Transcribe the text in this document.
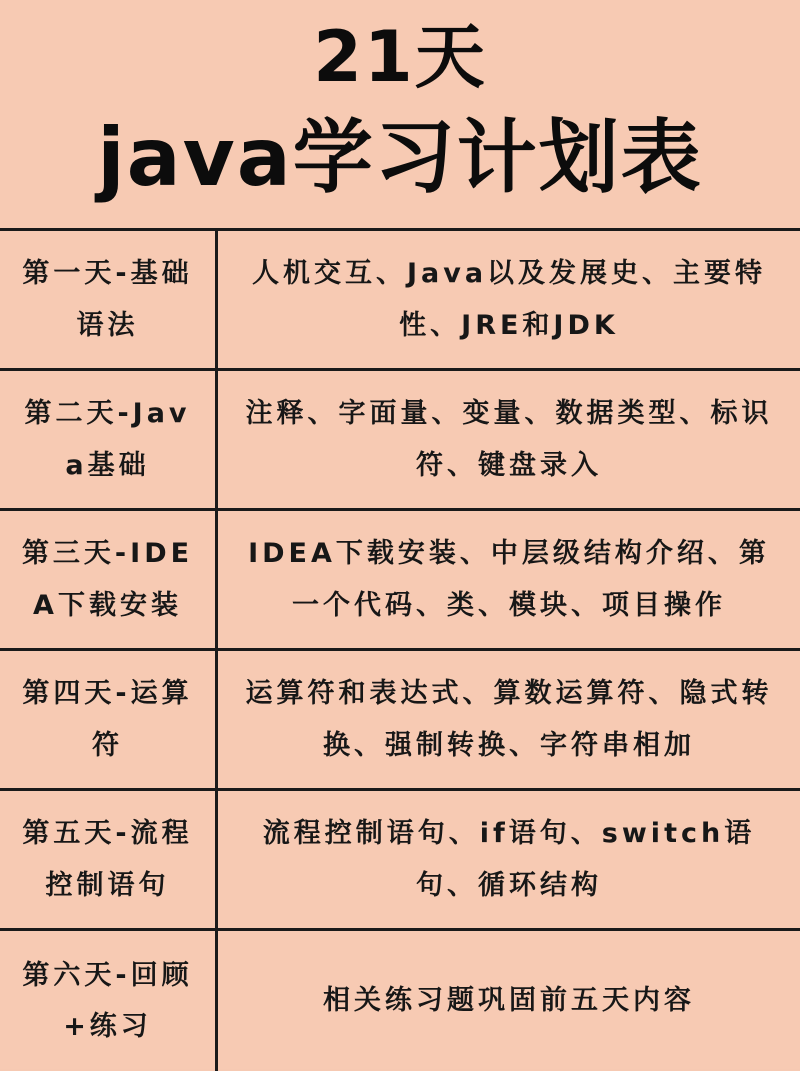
21天
java学习计划表
第一天-基础语法
人机交互、Java以及发展史、主要特性、JRE和JDK
第二天-Java基础
注释、字面量、变量、数据类型、标识符、键盘录入
第三天-IDEA下载安装
IDEA下载安装、中层级结构介绍、第一个代码、类、模块、项目操作
第四天-运算符
运算符和表达式、算数运算符、隐式转换、强制转换、字符串相加
第五天-流程控制语句
流程控制语句、if语句、switch语句、循环结构
第六天-回顾+练习
相关练习题巩固前五天内容
